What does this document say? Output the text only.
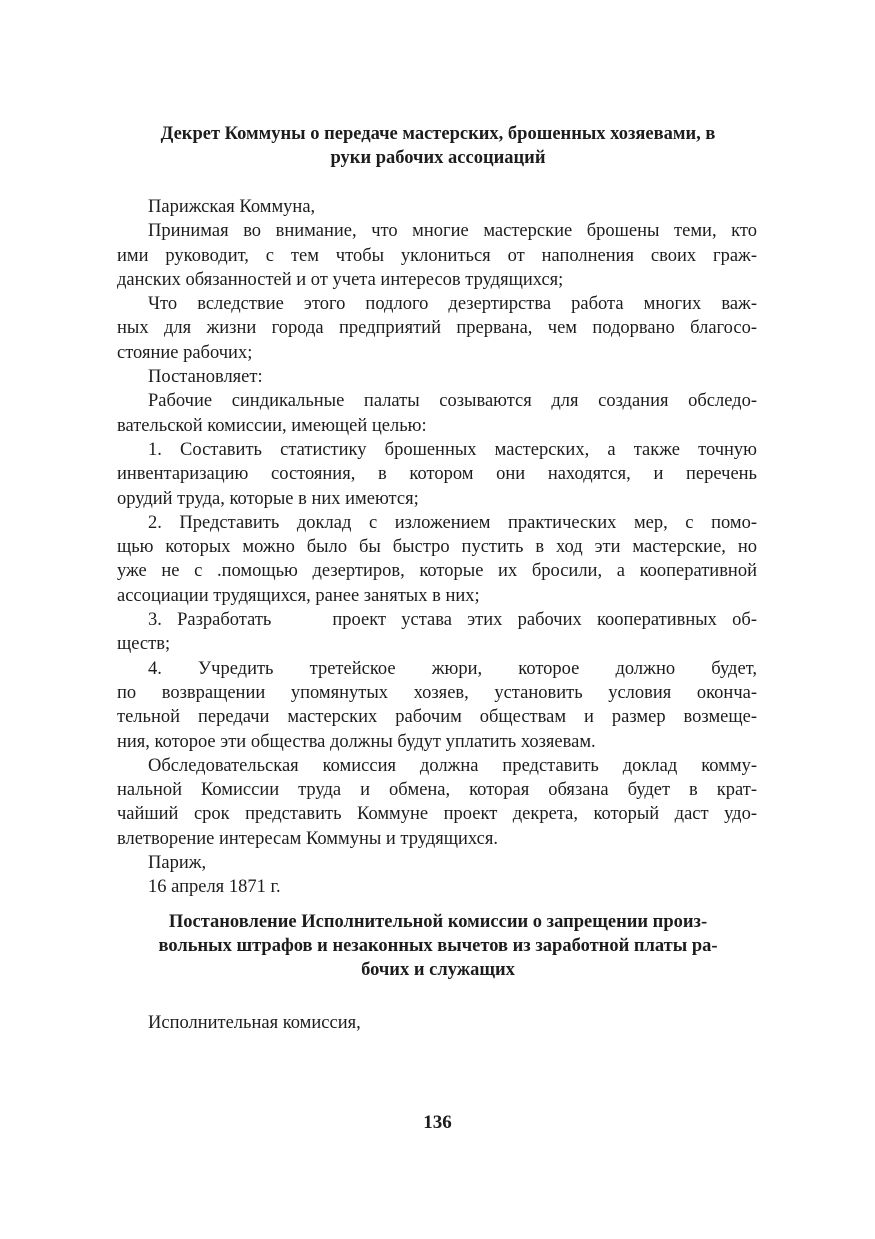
Декрет Коммуны о передаче мастерских, брошенных хозяевами, в
руки рабочих ассоциаций
Парижская Коммуна,
Принимая во внимание, что многие мастерские брошены теми, кто
ими руководит, с тем чтобы уклониться от наполнения своих граж-
данских обязанностей и от учета интересов трудящихся;
Что вследствие этого подлого дезертирства работа многих важ-
ных для жизни города предприятий прервана, чем подорвано благосо-
стояние рабочих;
Постановляет:
Рабочие синдикальные палаты созываются для создания обследо-
вательской комиссии, имеющей целью:
1. Составить статистику брошенных мастерских, а также точную
инвентаризацию состояния, в котором они находятся, и перечень
орудий труда, которые в них имеются;
2. Представить доклад с изложением практических мер, с помо-
щью которых можно было бы быстро пустить в ход эти мастерские, но
уже не с .помощью дезертиров, которые их бросили, а кооперативной
ассоциации трудящихся, ранее занятых в них;
3. Разработать    проект устава этих рабочих кооперативных об-
ществ;
4. Учредить третейское жюри, которое должно будет,
по возвращении упомянутых хозяев, установить условия оконча-
тельной передачи мастерских рабочим обществам и размер возмеще-
ния, которое эти общества должны будут уплатить хозяевам.
Обследовательская комиссия должна представить доклад комму-
нальной Комиссии труда и обмена, которая обязана будет в крат-
чайший срок представить Коммуне проект декрета, который даст удо-
влетворение интересам Коммуны и трудящихся.
Париж,
16 апреля 1871 г.
Постановление Исполнительной комиссии о запрещении произ-
вольных штрафов и незаконных вычетов из заработной платы ра-
бочих и служащих
Исполнительная комиссия,

136
